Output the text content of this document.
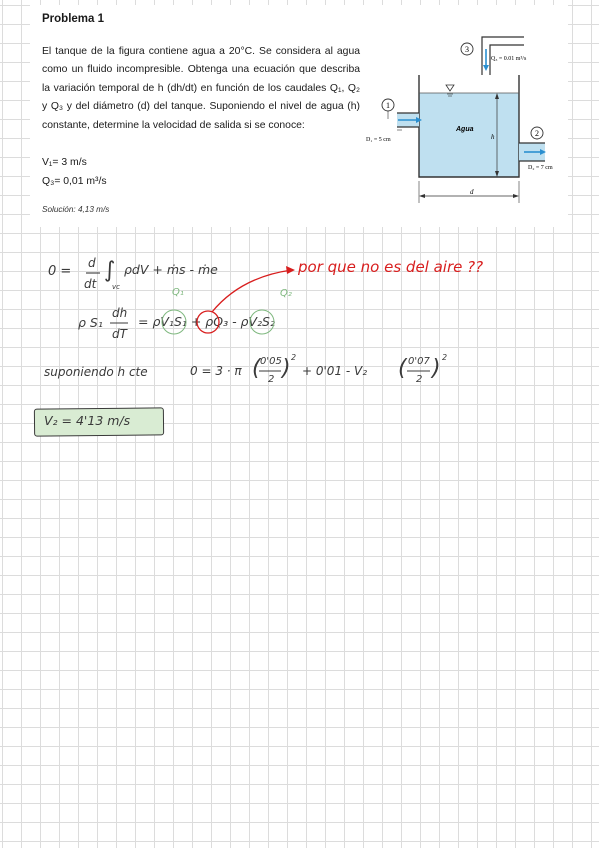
Problema 1
El tanque de la figura contiene agua a 20°C. Se considera al agua como un fluido incompresible. Obtenga una ecuación que describa la variación temporal de h (dh/dt) en función de los caudales Q₁, Q₂ y Q₃ y del diámetro (d) del tanque. Suponiendo el nivel de agua (h) constante, determine la velocidad de salida si se conoce:
V₁= 3 m/s
Q₃= 0,01 m³/s
Solución: 4,13 m/s
3
1
2
Q₃ = 0.01 m³/s
Agua
D₁ = 5 cm
D₂ = 7 cm
h
d
0 =
d
dt
∫
vc
ρdV + ṁs - ṁe	por que no es del aire ??
Q₁	Q₂
ρ S₁
dh
dT
= ρV₁S₁ + ρQ₃ - ρV₂S₂
suponiendo h cte	0 = 3 · π ( 0'05
2 ) 2
+ 0'01 - V₂ ( 0'07
2 ) 2
V₂ = 4'13 m/s
